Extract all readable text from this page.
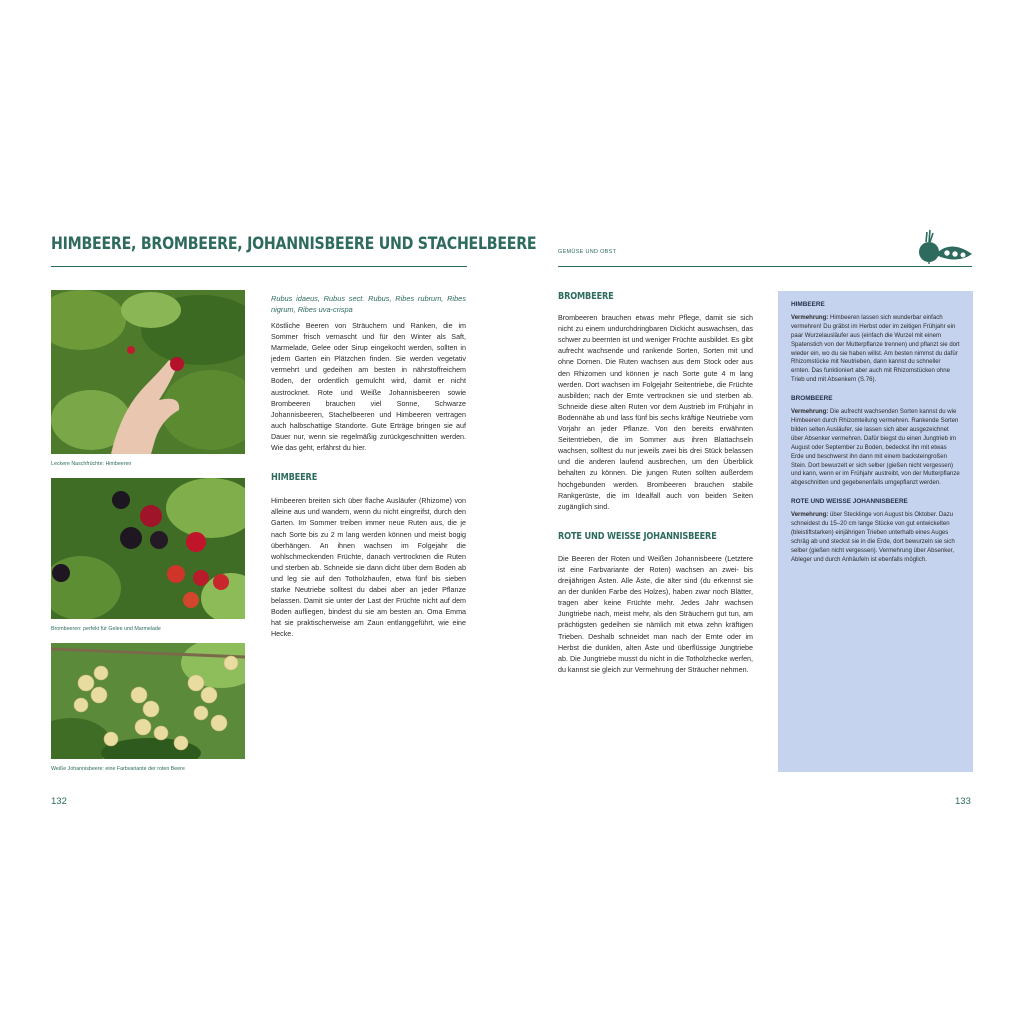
HIMBEERE, BROMBEERE, JOHANNISBEERE UND STACHELBEERE
Leckere Naschfrüchte: Himbeeren
Brombeeren: perfekt für Gelee und Marmelade
Weiße Johannisbeere: eine Farbvariante der roten Beere

Rubus idaeus, Rubus sect. Rubus, Ribes rubrum, Ribes nigrum, Ribes uva-crispa

Köstliche Beeren von Sträuchern und Ranken, die im Sommer frisch vernascht und für den Winter als Saft, Marmelade, Gelee oder Sirup eingekocht werden, sollten in jedem Garten ein Plätzchen finden. Sie werden vegetativ vermehrt und gedeihen am besten in nährstoffreichem Boden, der ordentlich gemulcht wird, damit er nicht austrocknet. Rote und Weiße Johannisbeeren sowie Brombeeren brauchen viel Sonne, Schwarze Johannisbeeren, Stachelbeeren und Himbeeren vertragen auch halbschattige Standorte. Gute Erträge bringen sie auf Dauer nur, wenn sie regelmäßig zurückgeschnitten werden. Wie das geht, erfährst du hier.

HIMBEERE

Himbeeren breiten sich über flache Ausläufer (Rhizome) von alleine aus und wandern, wenn du nicht eingreifst, durch den Garten. Im Sommer treiben immer neue Ruten aus, die je nach Sorte bis zu 2 m lang werden können und meist bogig überhängen. An ihnen wachsen im Folgejahr die wohlschmeckenden Früchte, danach vertrocknen die Ruten und sterben ab. Schneide sie dann dicht über dem Boden ab und leg sie auf den Totholzhaufen, etwa fünf bis sieben starke Neutriebe solltest du dabei aber an jeder Pflanze belassen. Damit sie unter der Last der Früchte nicht auf dem Boden aufliegen, bindest du sie am besten an. Oma Emma hat sie praktischerweise am Zaun entlanggeführt, wie eine Hecke.

132
GEMÜSE UND OBST
BROMBEERE

Brombeeren brauchen etwas mehr Pflege, damit sie sich nicht zu einem undurchdringbaren Dickicht auswachsen, das schwer zu beernten ist und weniger Früchte ausbildet. Es gibt aufrecht wachsende und rankende Sorten, Sorten mit und ohne Dornen. Die Ruten wachsen aus dem Stock oder aus den Rhizomen und können je nach Sorte gute 4 m lang werden. Dort wachsen im Folgejahr Seitentriebe, die Früchte ausbilden; nach der Ernte vertrocknen sie und sterben ab. Schneide diese alten Ruten vor dem Austrieb im Frühjahr in Bodennähe ab und lass fünf bis sechs kräftige Neutriebe vom Vorjahr an jeder Pflanze. Von den bereits erwähnten Seitentrieben, die im Sommer aus ihren Blattachseln wachsen, solltest du nur jeweils zwei bis drei Stück belassen und die anderen laufend ausbrechen, um den Überblick behalten zu können. Die jungen Ruten sollten außerdem hochgebunden werden. Brombeeren brauchen stabile Rankgerüste, die im Idealfall auch von beiden Seiten zugänglich sind.

ROTE UND WEISSE JOHANNISBEERE

Die Beeren der Roten und Weißen Johannisbeere (Letztere ist eine Farbvariante der Roten) wachsen an zwei- bis dreijährigen Ästen. Alle Äste, die älter sind (du erkennst sie an der dunklen Farbe des Holzes), haben zwar noch Blätter, tragen aber keine Früchte mehr. Jedes Jahr wachsen Jungtriebe nach, meist mehr, als den Sträuchern gut tun, am prächtigsten gedeihen sie nämlich mit etwa zehn kräftigen Trieben. Deshalb schneidet man nach der Ernte oder im Herbst die dunklen, alten Äste und überflüssige Jungtriebe ab. Die Jungtriebe musst du nicht in die Totholzhecke werfen, du kannst sie gleich zur Vermehrung der Sträucher nehmen.

HIMBEERE
Vermehrung: Himbeeren lassen sich wunderbar einfach vermehren! Du gräbst im Herbst oder im zeitigen Frühjahr ein paar Wurzelausläufer aus (einfach die Wurzel mit einem Spatenstich von der Mutterpflanze trennen) und pflanzt sie dort wieder ein, wo du sie haben willst. Am besten nimmst du dafür Rhizomstücke mit Neutrieben, dann kannst du schneller ernten. Das funktioniert aber auch mit Rhizomstücken ohne Trieb und mit Absenkern (S.76).
BROMBEERE
Vermehrung: Die aufrecht wachsenden Sorten kannst du wie Himbeeren durch Rhizomteilung vermehren. Rankende Sorten bilden selten Ausläufer, sie lassen sich aber ausgezeichnet über Absenker vermehren. Dafür biegst du einen Jungtrieb im August oder September zu Boden, bedeckst ihn mit etwas Erde und beschwerst ihn dann mit einem backsteingroßen Stein. Dort bewurzelt er sich selber (gießen nicht vergessen) und kann, wenn er im Frühjahr austreibt, von der Mutterpflanze abgeschnitten und gegebenenfalls umgepflanzt werden.
ROTE UND WEISSE JOHANNISBEERE
Vermehrung: über Stecklinge von August bis Oktober. Dazu schneidest du 15–20 cm lange Stücke von gut entwickelten (bleistiftstarken) einjährigen Trieben unterhalb eines Auges schräg ab und steckst sie in die Erde, dort bewurzeln sie sich selber (gießen nicht vergessen). Vermehrung über Absenker, Ableger und durch Anhäufeln ist ebenfalls möglich.
133
